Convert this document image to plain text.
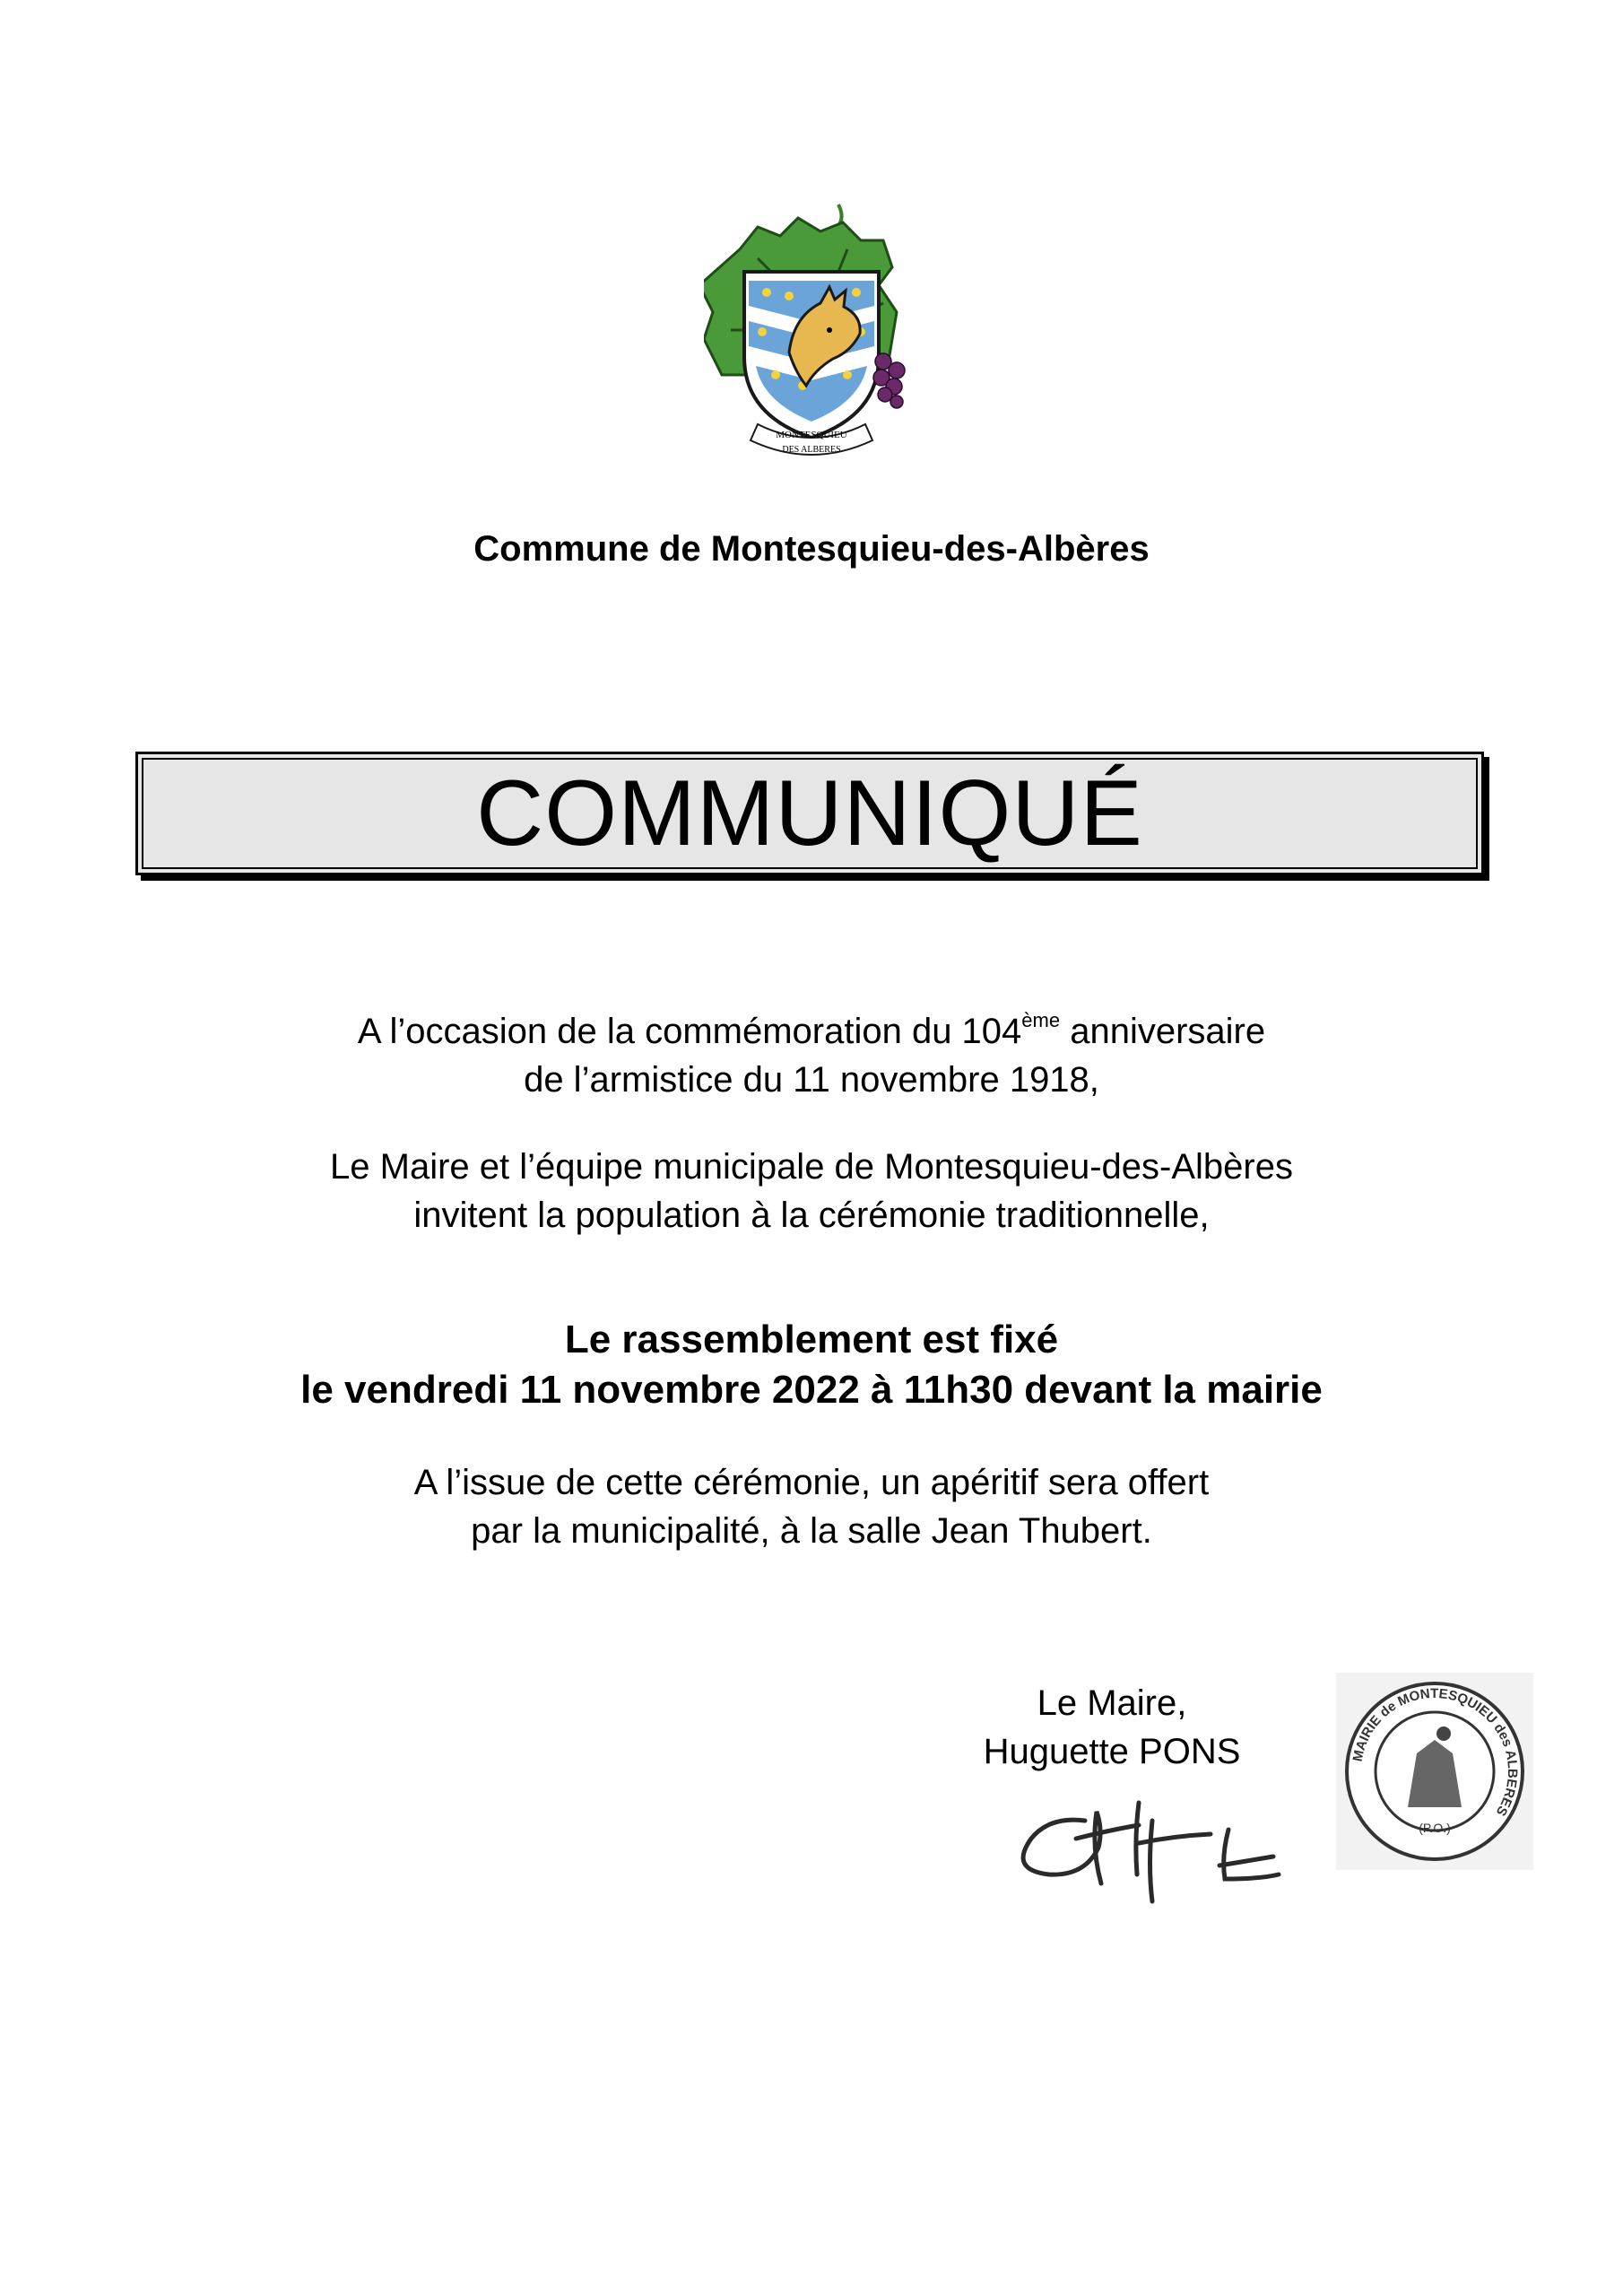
MONTESQUIEU
DES ALBERES
Commune de Montesquieu-des-Albères
COMMUNIQUÉ
A l’occasion de la commémoration du 104ème anniversaire
de l’armistice du 11 novembre 1918,
Le Maire et l’équipe municipale de Montesquieu-des-Albères
invitent la population à la cérémonie traditionnelle,
Le rassemblement est fixé
le vendredi 11 novembre 2022 à 11h30 devant la mairie
A l’issue de cette cérémonie, un apéritif sera offert
par la municipalité, à la salle Jean Thubert.
Le Maire,
Huguette PONS	MAIRIE de MONTESQUIEU des ALBERES
(P.O.)
